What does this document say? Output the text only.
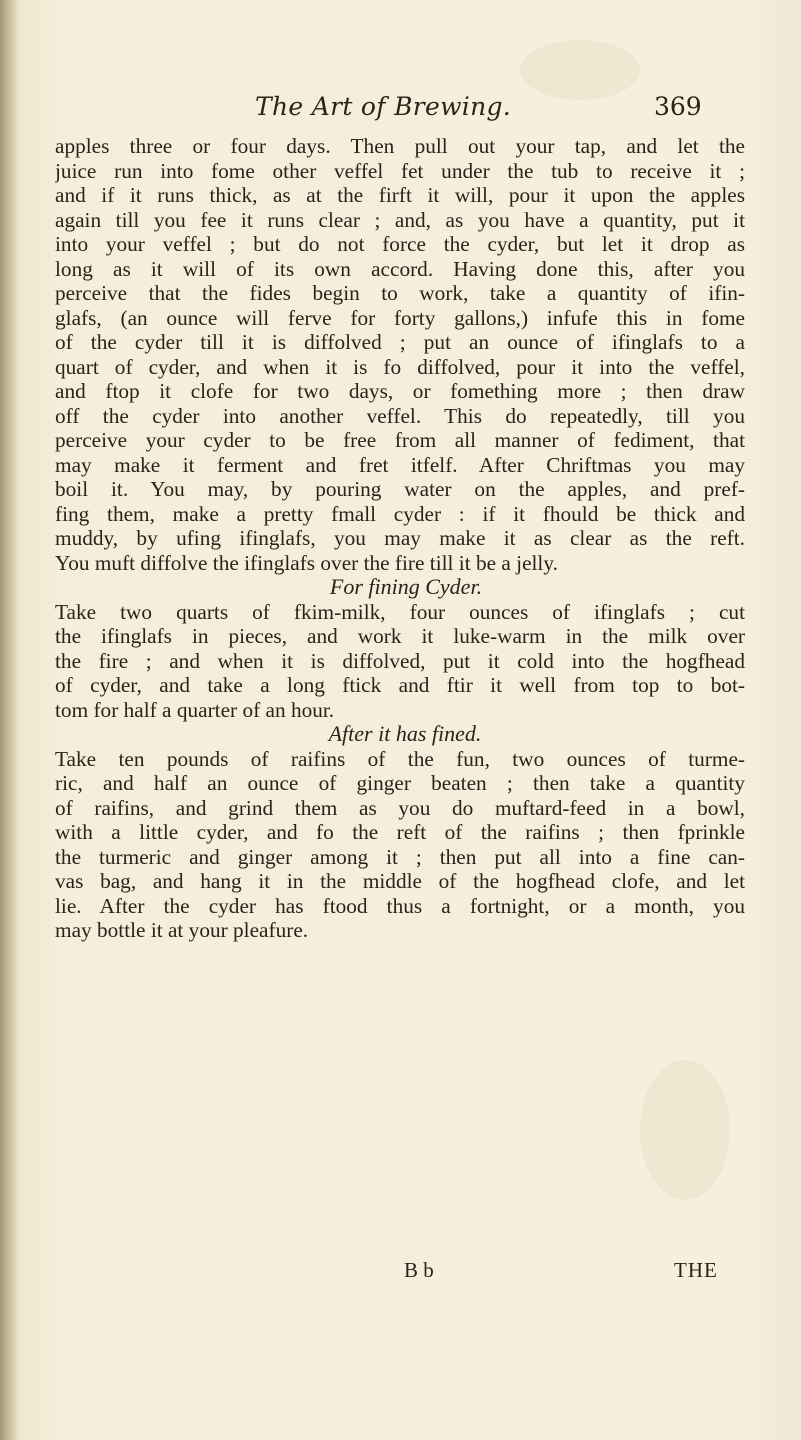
The Art of Brewing.	369
apples three or four days. Then pull out your tap, and let the
juice run into fome other veffel fet under the tub to receive it ;
and if it runs thick, as at the firft it will, pour it upon the apples
again till you fee it runs clear ; and, as you have a quantity, put it
into your veffel ; but do not force the cyder, but let it drop as
long as it will of its own accord. Having done this, after you
perceive that the fides begin to work, take a quantity of ifin-
glafs, (an ounce will ferve for forty gallons,) infufe this in fome
of the cyder till it is diffolved ; put an ounce of ifinglafs to a
quart of cyder, and when it is fo diffolved, pour it into the veffel,
and ftop it clofe for two days, or fomething more ; then draw
off the cyder into another veffel. This do repeatedly, till you
perceive your cyder to be free from all manner of fediment, that
may make it ferment and fret itfelf. After Chriftmas you may
boil it. You may, by pouring water on the apples, and pref-
fing them, make a pretty fmall cyder : if it fhould be thick and
muddy, by ufing ifinglafs, you may make it as clear as the reft.
You muft diffolve the ifinglafs over the fire till it be a jelly.
For fining Cyder.
Take two quarts of fkim-milk, four ounces of ifinglafs ; cut
the ifinglafs in pieces, and work it luke-warm in the milk over
the fire ; and when it is diffolved, put it cold into the hogfhead
of cyder, and take a long ftick and ftir it well from top to bot-
tom for half a quarter of an hour.
After it has fined.
Take ten pounds of raifins of the fun, two ounces of turme-
ric, and half an ounce of ginger beaten ; then take a quantity
of raifins, and grind them as you do muftard-feed in a bowl,
with a little cyder, and fo the reft of the raifins ; then fprinkle
the turmeric and ginger among it ; then put all into a fine can-
vas bag, and hang it in the middle of the hogfhead clofe, and let
lie. After the cyder has ftood thus a fortnight, or a month, you
may bottle it at your pleafure.
B b	THE
